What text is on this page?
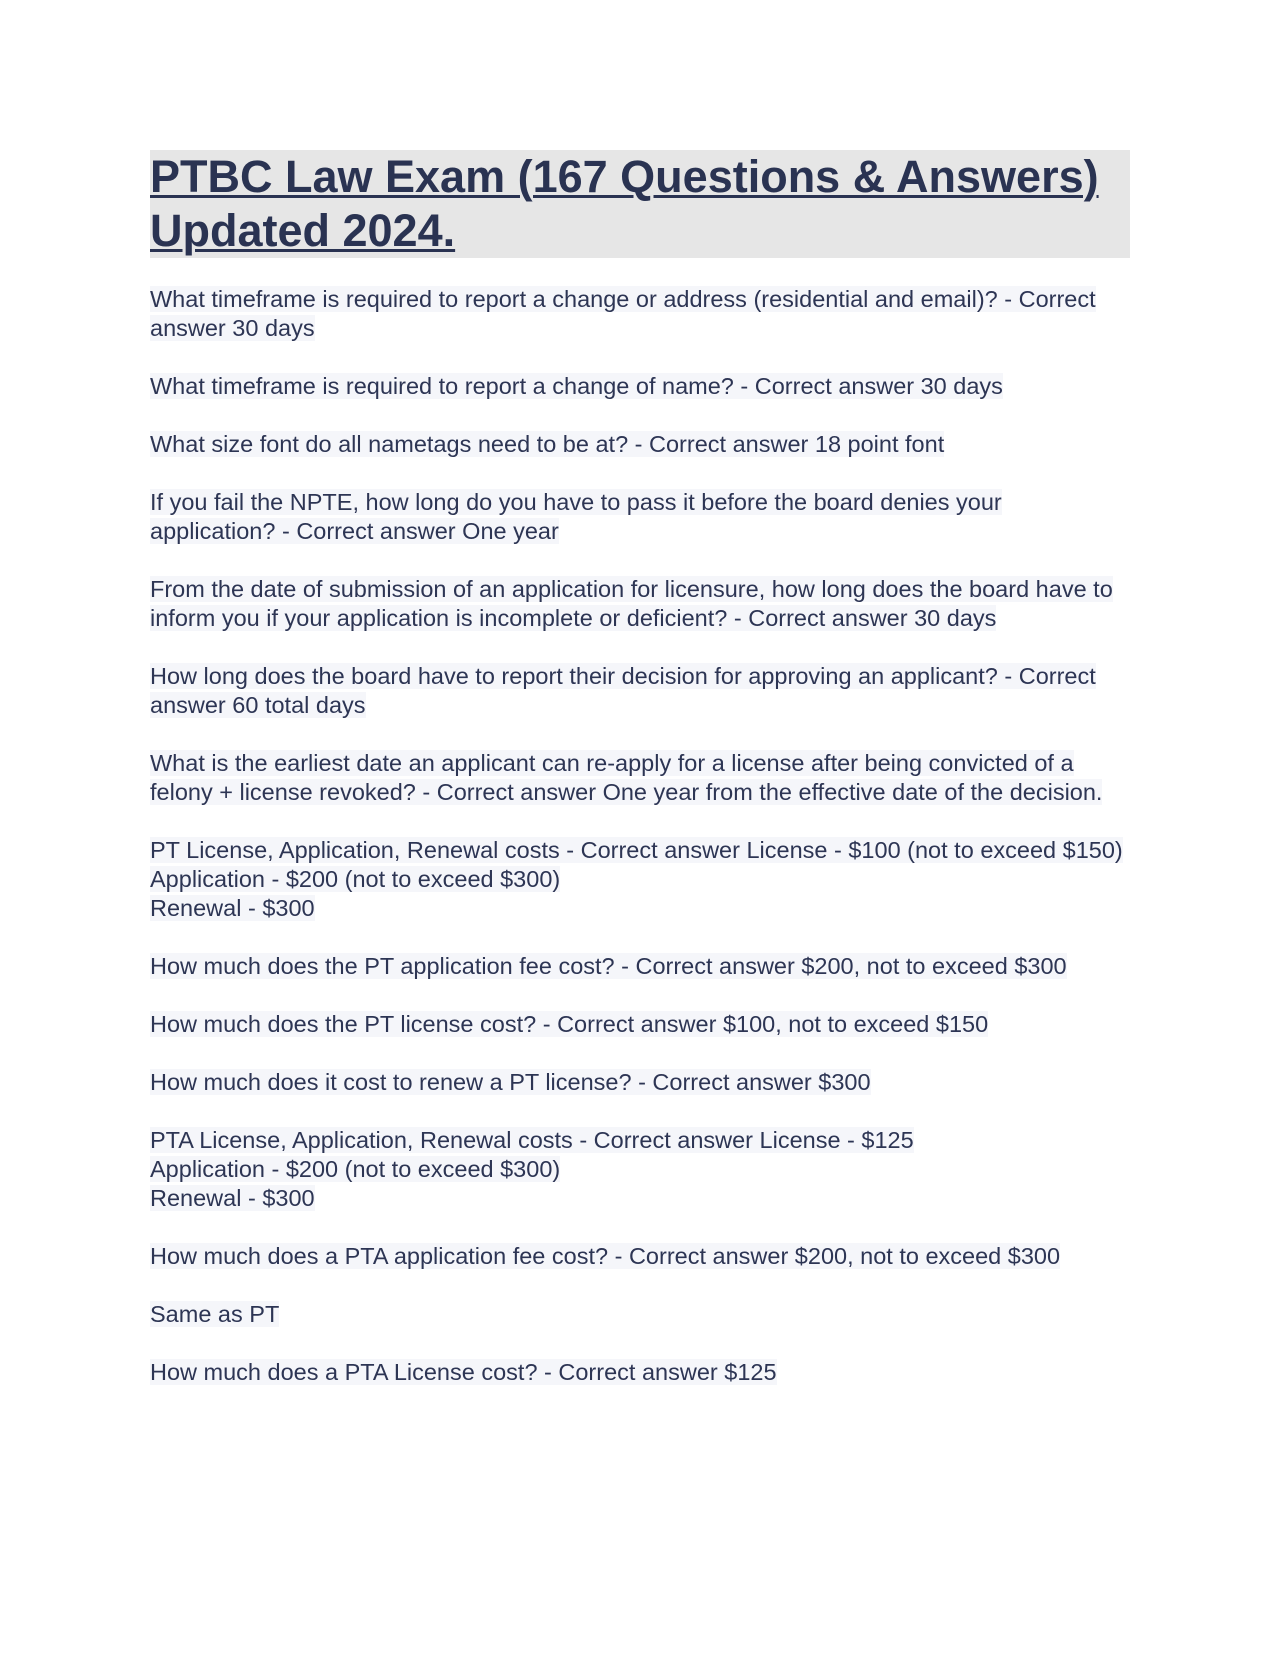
PTBC Law Exam (167 Questions & Answers) Updated 2024.

What timeframe is required to report a change or address (residential and email)? - Correct answer 30 days

What timeframe is required to report a change of name? - Correct answer 30 days

What size font do all nametags need to be at? - Correct answer 18 point font

If you fail the NPTE, how long do you have to pass it before the board denies your application? - Correct answer One year

From the date of submission of an application for licensure, how long does the board have to inform you if your application is incomplete or deficient? - Correct answer 30 days

How long does the board have to report their decision for approving an applicant? - Correct answer 60 total days

What is the earliest date an applicant can re-apply for a license after being convicted of a felony + license revoked? - Correct answer One year from the effective date of the decision.

PT License, Application, Renewal costs - Correct answer License - $100 (not to exceed $150)
Application - $200 (not to exceed $300)
Renewal - $300

How much does the PT application fee cost? - Correct answer $200, not to exceed $300

How much does the PT license cost? - Correct answer $100, not to exceed $150

How much does it cost to renew a PT license? - Correct answer $300

PTA License, Application, Renewal costs - Correct answer License - $125
Application - $200 (not to exceed $300)
Renewal - $300

How much does a PTA application fee cost? - Correct answer $200, not to exceed $300

Same as PT

How much does a PTA License cost? - Correct answer $125
